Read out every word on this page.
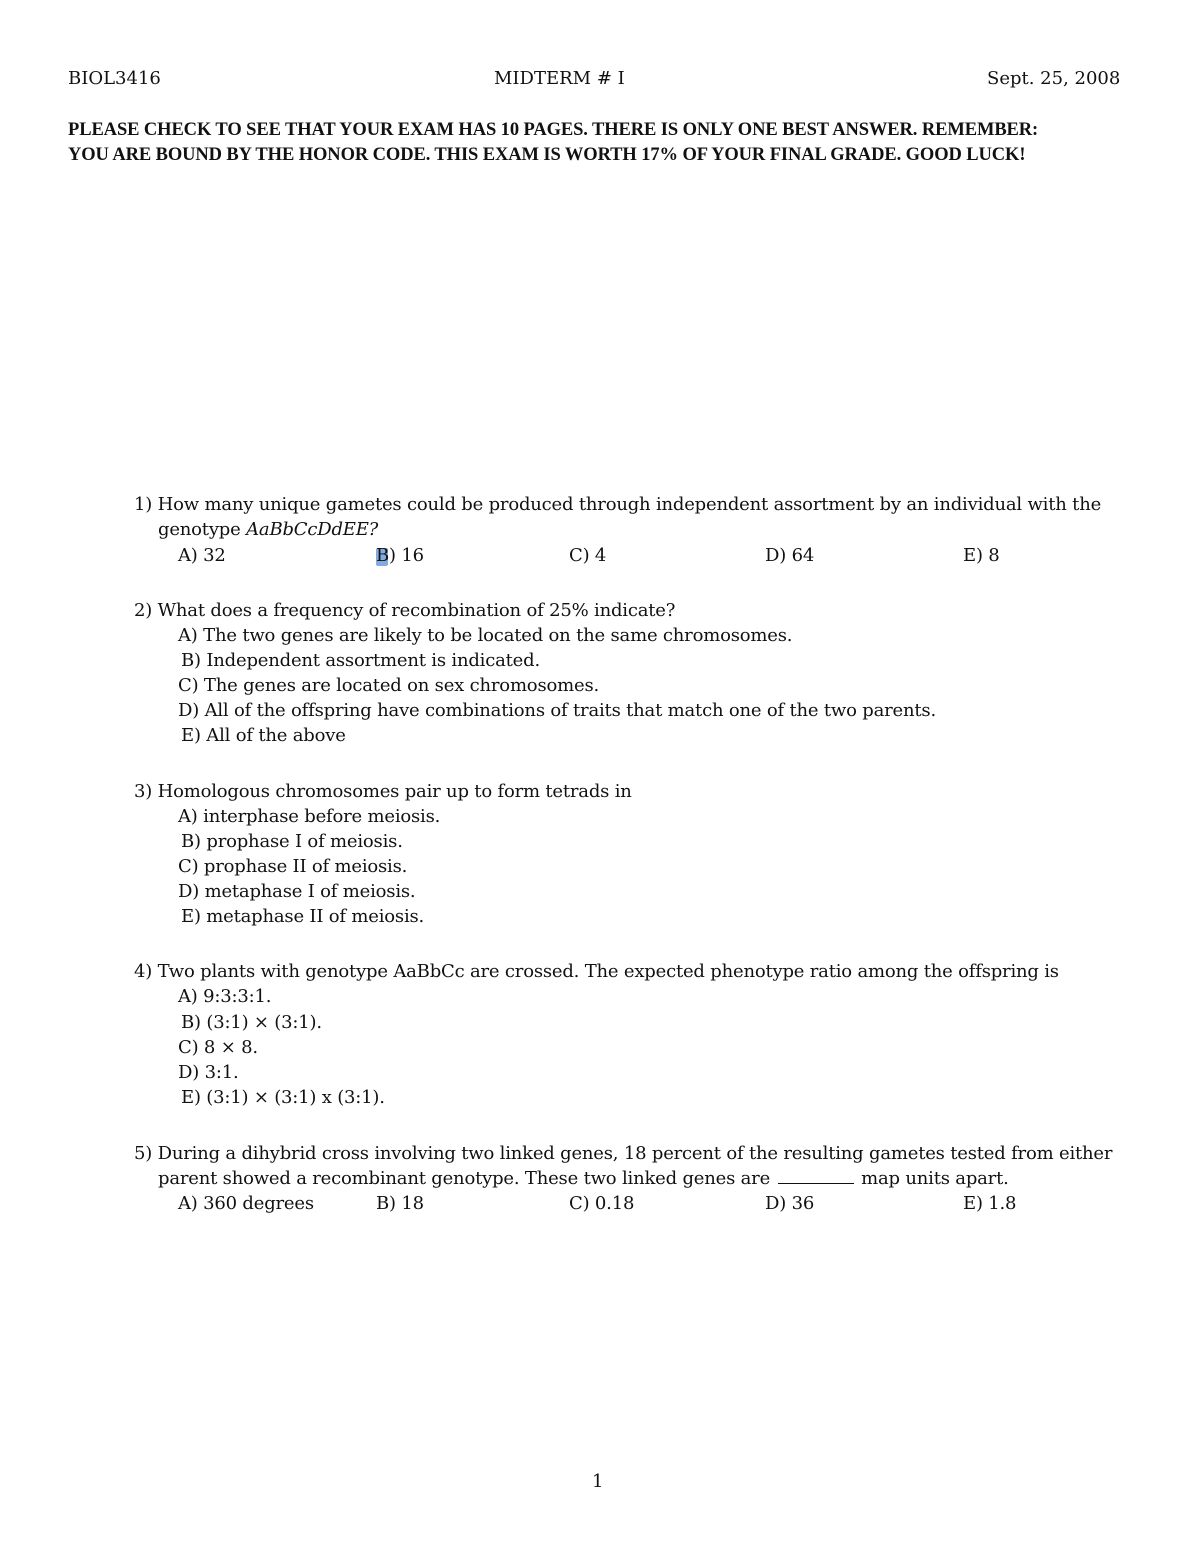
BIOL3416	MIDTERM # I	Sept. 25, 2008
PLEASE CHECK TO SEE THAT YOUR EXAM HAS 10 PAGES. THERE IS ONLY ONE BEST ANSWER. REMEMBER:
YOU ARE BOUND BY THE HONOR CODE. THIS EXAM IS WORTH 17% OF YOUR FINAL GRADE. GOOD LUCK!
1) How many unique gametes could be produced through independent assortment by an individual with the
genotype AaBbCcDdEE?
A) 32	B) 16	C) 4	D) 64	E) 8
2) What does a frequency of recombination of 25% indicate?
A) The two genes are likely to be located on the same chromosomes.
B) Independent assortment is indicated.
C) The genes are located on sex chromosomes.
D) All of the offspring have combinations of traits that match one of the two parents.
E) All of the above
3) Homologous chromosomes pair up to form tetrads in
A) interphase before meiosis.
B) prophase I of meiosis.
C) prophase II of meiosis.
D) metaphase I of meiosis.
E) metaphase II of meiosis.
4) Two plants with genotype AaBbCc are crossed. The expected phenotype ratio among the offspring is
A) 9:3:3:1.
B) (3:1) × (3:1).
C) 8 × 8.
D) 3:1.
E) (3:1) × (3:1) x (3:1).
5) During a dihybrid cross involving two linked genes, 18 percent of the resulting gametes tested from either
parent showed a recombinant genotype. These two linked genes are	map units apart.
A) 360 degrees	B) 18	C) 0.18	D) 36	E) 1.8
1
